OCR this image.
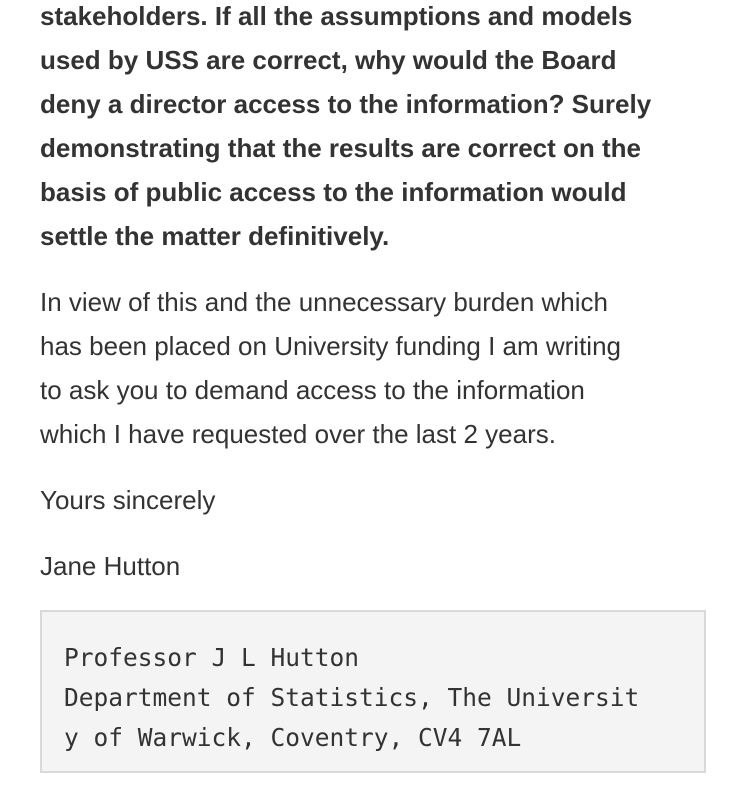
stakeholders. If all the assumptions and models
used by USS are correct, why would the Board
deny a director access to the information? Surely
demonstrating that the results are correct on the
basis of public access to the information would
settle the matter definitively.

In view of this and the unnecessary burden which
has been placed on University funding I am writing
to ask you to demand access to the information
which I have requested over the last 2 years.

Yours sincerely

Jane Hutton

Professor J L Hutton
Department of Statistics, The Universit
y of Warwick, Coventry, CV4 7AL
